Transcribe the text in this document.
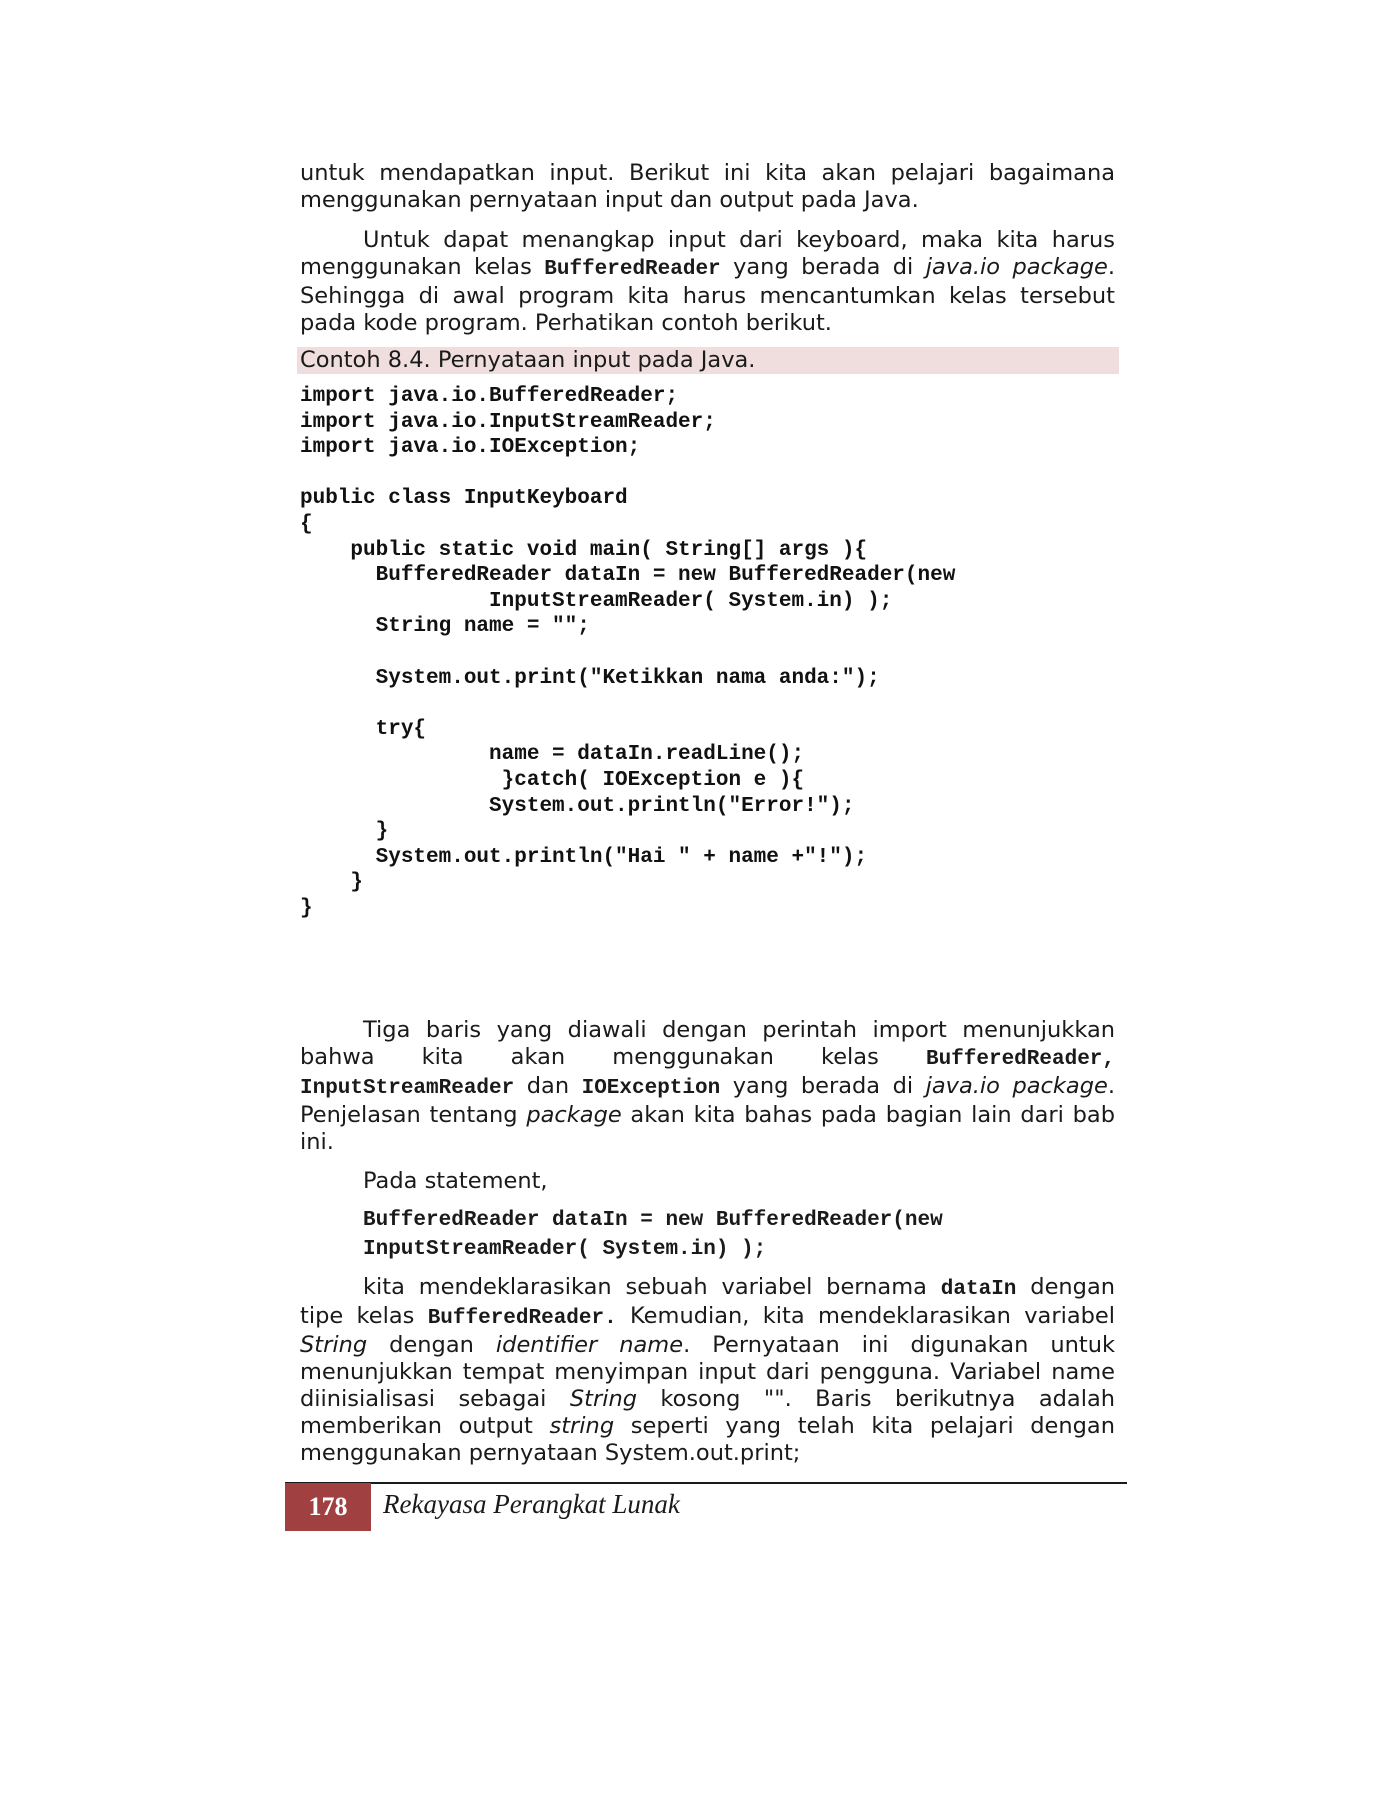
untuk mendapatkan input. Berikut ini kita akan pelajari bagaimana menggunakan pernyataan input dan output pada Java.

Untuk dapat menangkap input dari keyboard, maka kita harus menggunakan kelas BufferedReader yang berada di java.io package. Sehingga di awal program kita harus mencantumkan kelas tersebut pada kode program. Perhatikan contoh berikut.

Contoh 8.4. Pernyataan input pada Java.
import java.io.BufferedReader;
import java.io.InputStreamReader;
import java.io.IOException;

public class InputKeyboard
{
public static void main( String[] args ){
BufferedReader dataIn = new BufferedReader(new
InputStreamReader( System.in) );
String name = "";

System.out.print("Ketikkan nama anda:");

try{
name = dataIn.readLine();
}catch( IOException e ){
System.out.println("Error!");
}
System.out.println("Hai " + name +"!");
}
}

Tiga baris yang diawali dengan perintah import menunjukkan bahwa kita akan menggunakan kelas BufferedReader, InputStreamReader dan IOException yang berada di java.io package. Penjelasan tentang package akan kita bahas pada bagian lain dari bab ini.

Pada statement,

BufferedReader dataIn = new BufferedReader(new
InputStreamReader( System.in) );

kita mendeklarasikan sebuah variabel bernama dataIn dengan tipe kelas BufferedReader. Kemudian, kita mendeklarasikan variabel String dengan identifier name. Pernyataan ini digunakan untuk menunjukkan tempat menyimpan input dari pengguna. Variabel name diinisialisasi sebagai String kosong "". Baris berikutnya adalah memberikan output string seperti yang telah kita pelajari dengan menggunakan pernyataan System.out.print;

178	Rekayasa Perangkat Lunak
